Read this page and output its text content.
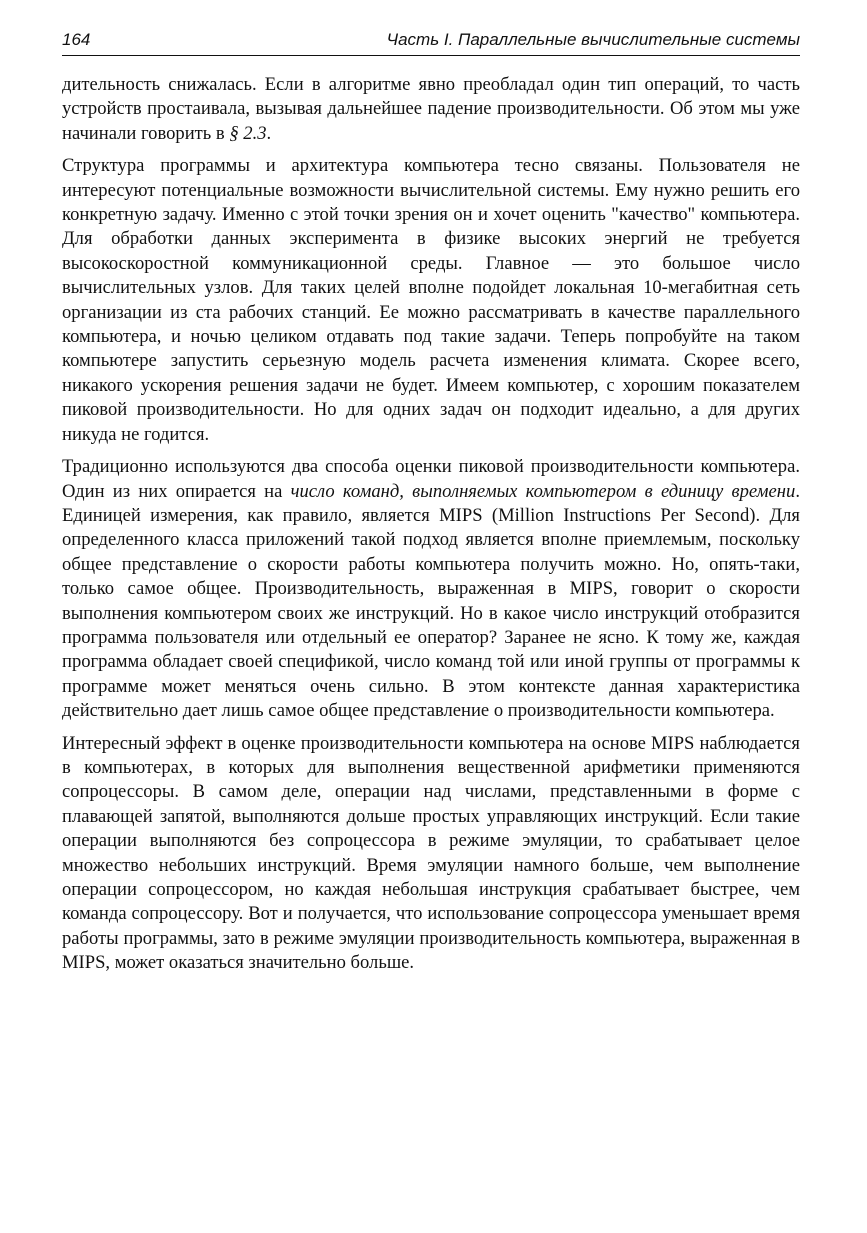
164	Часть I. Параллельные вычислительные системы

дительность снижалась. Если в алгоритме явно преобладал один тип операций, то часть устройств простаивала, вызывая дальнейшее падение производительности. Об этом мы уже начинали говорить в § 2.3.

Структура программы и архитектура компьютера тесно связаны. Пользователя не интересуют потенциальные возможности вычислительной системы. Ему нужно решить его конкретную задачу. Именно с этой точки зрения он и хочет оценить "качество" компьютера. Для обработки данных эксперимента в физике высоких энергий не требуется высокоскоростной коммуникационной среды. Главное — это большое число вычислительных узлов. Для таких целей вполне подойдет локальная 10-мегабитная сеть организации из ста рабочих станций. Ее можно рассматривать в качестве параллельного компьютера, и ночью целиком отдавать под такие задачи. Теперь попробуйте на таком компьютере запустить серьезную модель расчета изменения климата. Скорее всего, никакого ускорения решения задачи не будет. Имеем компьютер, с хорошим показателем пиковой производительности. Но для одних задач он подходит идеально, а для других никуда не годится.

Традиционно используются два способа оценки пиковой производительности компьютера. Один из них опирается на число команд, выполняемых компьютером в единицу времени. Единицей измерения, как правило, является MIPS (Million Instructions Per Second). Для определенного класса приложений такой подход является вполне приемлемым, поскольку общее представление о скорости работы компьютера получить можно. Но, опять-таки, только самое общее. Производительность, выраженная в MIPS, говорит о скорости выполнения компьютером своих же инструкций. Но в какое число инструкций отобразится программа пользователя или отдельный ее оператор? Заранее не ясно. К тому же, каждая программа обладает своей спецификой, число команд той или иной группы от программы к программе может меняться очень сильно. В этом контексте данная характеристика действительно дает лишь самое общее представление о производительности компьютера.

Интересный эффект в оценке производительности компьютера на основе MIPS наблюдается в компьютерах, в которых для выполнения вещественной арифметики применяются сопроцессоры. В самом деле, операции над числами, представленными в форме с плавающей запятой, выполняются дольше простых управляющих инструкций. Если такие операции выполняются без сопроцессора в режиме эмуляции, то срабатывает целое множество небольших инструкций. Время эмуляции намного больше, чем выполнение операции сопроцессором, но каждая небольшая инструкция срабатывает быстрее, чем команда сопроцессору. Вот и получается, что использование сопроцессора уменьшает время работы программы, зато в режиме эмуляции производительность компьютера, выраженная в MIPS, может оказаться значительно больше.
